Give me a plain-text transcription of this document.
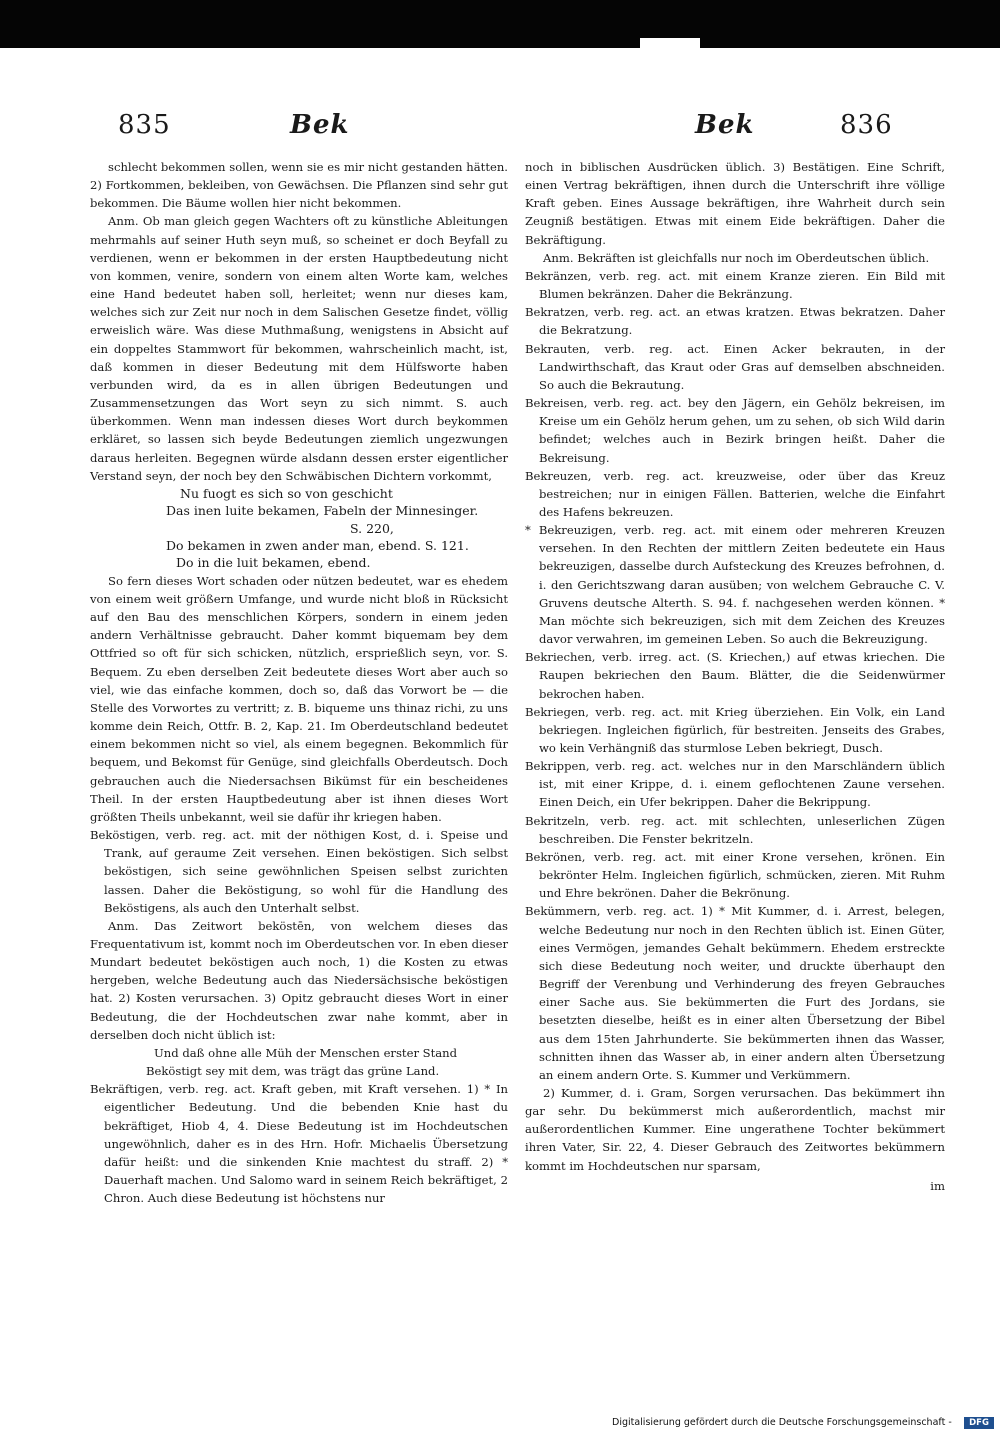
835	Bek	Bek	836

schlecht bekommen sollen, wenn sie es mir nicht gestanden hätten. 2) Fortkommen, bekleiben, von Gewächsen. Die Pflanzen sind sehr gut bekommen. Die Bäume wollen hier nicht bekommen.

Anm. Ob man gleich gegen Wachters oft zu künstliche Ableitungen mehrmahls auf seiner Huth seyn muß, so scheinet er doch Beyfall zu verdienen, wenn er bekommen in der ersten Hauptbedeutung nicht von kommen, venire, sondern von einem alten Worte kam, welches eine Hand bedeutet haben soll, herleitet; wenn nur dieses kam, welches sich zur Zeit nur noch in dem Salischen Gesetze findet, völlig erweislich wäre. Was diese Muthmaßung, wenigstens in Absicht auf ein doppeltes Stammwort für bekommen, wahrscheinlich macht, ist, daß kommen in dieser Bedeutung mit dem Hülfsworte haben verbunden wird, da es in allen übrigen Bedeutungen und Zusammensetzungen das Wort seyn zu sich nimmt. S. auch überkommen. Wenn man indessen dieses Wort durch beykommen erkläret, so lassen sich beyde Bedeutungen ziemlich ungezwungen daraus herleiten. Begegnen würde alsdann dessen erster eigentlicher Verstand seyn, der noch bey den Schwäbischen Dichtern vorkommt,

Nu fuogt es sich so von geschicht

Das inen luite bekamen, Fabeln der Minnesinger.

S. 220,

Do bekamen in zwen ander man, ebend. S. 121.

Do in die luit bekamen, ebend.

So fern dieses Wort schaden oder nützen bedeutet, war es ehedem von einem weit größern Umfange, und wurde nicht bloß in Rücksicht auf den Bau des menschlichen Körpers, sondern in einem jeden andern Verhältnisse gebraucht. Daher kommt biquemam bey dem Ottfried so oft für sich schicken, nützlich, ersprießlich seyn, vor. S. Bequem. Zu eben derselben Zeit bedeutete dieses Wort aber auch so viel, wie das einfache kommen, doch so, daß das Vorwort be — die Stelle des Vorwortes zu vertritt; z. B. biqueme uns thinaz richi, zu uns komme dein Reich, Ottfr. B. 2, Kap. 21. Im Oberdeutschland bedeutet einem bekommen nicht so viel, als einem begegnen. Bekommlich für bequem, und Bekomst für Genüge, sind gleichfalls Oberdeutsch. Doch gebrauchen auch die Niedersachsen Bikümst für ein bescheidenes Theil. In der ersten Hauptbedeutung aber ist ihnen dieses Wort größten Theils unbekannt, weil sie dafür ihr kriegen haben.

Beköstigen, verb. reg. act. mit der nöthigen Kost, d. i. Speise und Trank, auf geraume Zeit versehen. Einen beköstigen. Sich selbst beköstigen, sich seine gewöhnlichen Speisen selbst zurichten lassen. Daher die Beköstigung, so wohl für die Handlung des Beköstigens, als auch den Unterhalt selbst.

Anm. Das Zeitwort beköstēn, von welchem dieses das Frequentativum ist, kommt noch im Oberdeutschen vor. In eben dieser Mundart bedeutet beköstigen auch noch, 1) die Kosten zu etwas hergeben, welche Bedeutung auch das Niedersächsische beköstigen hat. 2) Kosten verursachen. 3) Opitz gebraucht dieses Wort in einer Bedeutung, die der Hochdeutschen zwar nahe kommt, aber in derselben doch nicht üblich ist:

Und daß ohne alle Müh der Menschen erster Stand

Beköstigt sey mit dem, was trägt das grüne Land.

Bekräftigen, verb. reg. act. Kraft geben, mit Kraft versehen. 1) * In eigentlicher Bedeutung. Und die bebenden Knie hast du bekräftiget, Hiob 4, 4. Diese Bedeutung ist im Hochdeutschen ungewöhnlich, daher es in des Hrn. Hofr. Michaelis Übersetzung dafür heißt: und die sinkenden Knie machtest du straff. 2) * Dauerhaft machen. Und Salomo ward in seinem Reich bekräftiget, 2 Chron. Auch diese Bedeutung ist höchstens nur

noch in biblischen Ausdrücken üblich. 3) Bestätigen. Eine Schrift, einen Vertrag bekräftigen, ihnen durch die Unterschrift ihre völlige Kraft geben. Eines Aussage bekräftigen, ihre Wahrheit durch sein Zeugniß bestätigen. Etwas mit einem Eide bekräftigen. Daher die Bekräftigung.

Anm. Bekräften ist gleichfalls nur noch im Oberdeutschen üblich.

Bekränzen, verb. reg. act. mit einem Kranze zieren. Ein Bild mit Blumen bekränzen. Daher die Bekränzung.

Bekratzen, verb. reg. act. an etwas kratzen. Etwas bekratzen. Daher die Bekratzung.

Bekrauten, verb. reg. act. Einen Acker bekrauten, in der Landwirthschaft, das Kraut oder Gras auf demselben abschneiden. So auch die Bekrautung.

Bekreisen, verb. reg. act. bey den Jägern, ein Gehölz bekreisen, im Kreise um ein Gehölz herum gehen, um zu sehen, ob sich Wild darin befindet; welches auch in Bezirk bringen heißt. Daher die Bekreisung.

Bekreuzen, verb. reg. act. kreuzweise, oder über das Kreuz bestreichen; nur in einigen Fällen. Batterien, welche die Einfahrt des Hafens bekreuzen.

* Bekreuzigen, verb. reg. act. mit einem oder mehreren Kreuzen versehen. In den Rechten der mittlern Zeiten bedeutete ein Haus bekreuzigen, dasselbe durch Aufsteckung des Kreuzes befrohnen, d. i. den Gerichtszwang daran ausüben; von welchem Gebrauche C. V. Gruvens deutsche Alterth. S. 94. f. nachgesehen werden können. * Man möchte sich bekreuzigen, sich mit dem Zeichen des Kreuzes davor verwahren, im gemeinen Leben. So auch die Bekreuzigung.

Bekriechen, verb. irreg. act. (S. Kriechen,) auf etwas kriechen. Die Raupen bekriechen den Baum. Blätter, die die Seidenwürmer bekrochen haben.

Bekriegen, verb. reg. act. mit Krieg überziehen. Ein Volk, ein Land bekriegen. Ingleichen figürlich, für bestreiten. Jenseits des Grabes, wo kein Verhängniß das sturmlose Leben bekriegt, Dusch.

Bekrippen, verb. reg. act. welches nur in den Marschländern üblich ist, mit einer Krippe, d. i. einem geflochtenen Zaune versehen. Einen Deich, ein Ufer bekrippen. Daher die Bekrippung.

Bekritzeln, verb. reg. act. mit schlechten, unleserlichen Zügen beschreiben. Die Fenster bekritzeln.

Bekrönen, verb. reg. act. mit einer Krone versehen, krönen. Ein bekrönter Helm. Ingleichen figürlich, schmücken, zieren. Mit Ruhm und Ehre bekrönen. Daher die Bekrönung.

Bekümmern, verb. reg. act. 1) * Mit Kummer, d. i. Arrest, belegen, welche Bedeutung nur noch in den Rechten üblich ist. Einen Güter, eines Vermögen, jemandes Gehalt bekümmern. Ehedem erstreckte sich diese Bedeutung noch weiter, und druckte überhaupt den Begriff der Verenbung und Verhinderung des freyen Gebrauches einer Sache aus. Sie bekümmerten die Furt des Jordans, sie besetzten dieselbe, heißt es in einer alten Übersetzung der Bibel aus dem 15ten Jahrhunderte. Sie bekümmerten ihnen das Wasser, schnitten ihnen das Wasser ab, in einer andern alten Übersetzung an einem andern Orte. S. Kummer und Verkümmern.

2) Kummer, d. i. Gram, Sorgen verursachen. Das bekümmert ihn gar sehr. Du bekümmerst mich außerordentlich, machst mir außerordentlichen Kummer. Eine ungerathene Tochter bekümmert ihren Vater, Sir. 22, 4. Dieser Gebrauch des Zeitwortes bekümmern kommt im Hochdeutschen nur sparsam,

im

Digitalisierung gefördert durch die Deutsche Forschungsgemeinschaft -	DFG
